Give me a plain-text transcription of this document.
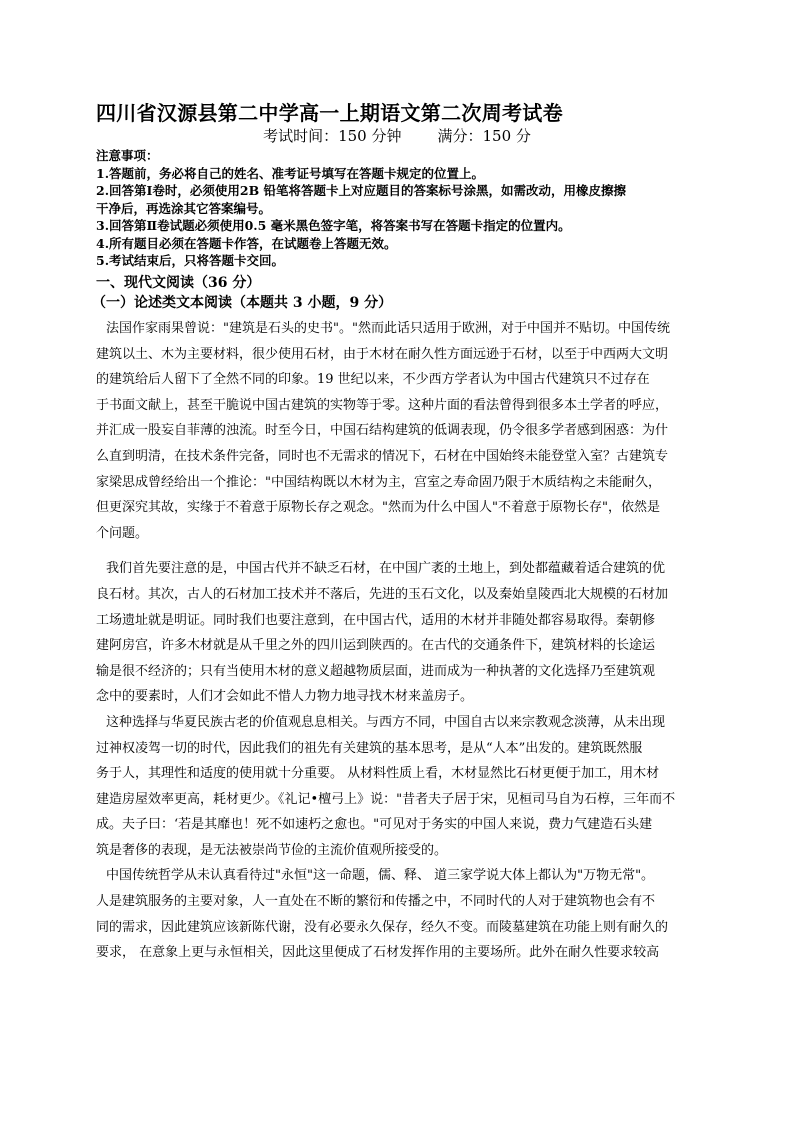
四川省汉源县第二中学高一上期语文第二次周考试卷
考试时间：150 分钟 满分：150 分
注意事项：
1.答题前，务必将自己的姓名、准考证号填写在答题卡规定的位置上。
2.回答第Ⅰ卷时，必须使用2B 铅笔将答题卡上对应题目的答案标号涂黑，如需改动，用橡皮擦擦
干净后，再选涂其它答案编号。
3.回答第Ⅱ卷试题必须使用0.5 毫米黑色签字笔，将答案书写在答题卡指定的位置内。
4.所有题目必须在答题卡作答，在试题卷上答题无效。
5.考试结束后，只将答题卡交回。
一、现代文阅读（36 分）
（一）论述类文本阅读（本题共 3 小题，9 分）
法国作家雨果曾说："建筑是石头的史书"。"然而此话只适用于欧洲，对于中国并不贴切。中国传统
建筑以土、木为主要材料，很少使用石材，由于木材在耐久性方面远逊于石材，以至于中西两大文明
的建筑给后人留下了全然不同的印象。19 世纪以来，不少西方学者认为中国古代建筑只不过存在
于书面文献上，甚至干脆说中国古建筑的实物等于零。这种片面的看法曾得到很多本土学者的呼应，
并汇成一股妄自菲薄的浊流。时至今日，中国石结构建筑的低调表现，仍令很多学者感到困惑：为什
么直到明清，在技术条件完备，同时也不无需求的情况下，石材在中国始终未能登堂入室？古建筑专
家梁思成曾经给出一个推论："中国结构既以木材为主，宫室之寿命固乃限于木质结构之未能耐久，
但更深究其故，实缘于不着意于原物长存之观念。"然而为什么中国人"不着意于原物长存"，依然是
个问题。
我们首先要注意的是，中国古代并不缺乏石材，在中国广袤的土地上，到处都蕴藏着适合建筑的优
良石材。其次，古人的石材加工技术并不落后，先进的玉石文化，以及秦始皇陵西北大规模的石材加
工场遗址就是明证。同时我们也要注意到，在中国古代，适用的木材并非随处都容易取得。秦朝修
建阿房宫，许多木材就是从千里之外的四川运到陕西的。在古代的交通条件下，建筑材料的长途运
输是很不经济的；只有当使用木材的意义超越物质层面，进而成为一种执著的文化选择乃至建筑观
念中的要素时，人们才会如此不惜人力物力地寻找木材来盖房子。
这种选择与华夏民族古老的价值观息息相关。与西方不同，中国自古以来宗教观念淡薄，从未出现
过神权凌驾一切的时代，因此我们的祖先有关建筑的基本思考，是从“人本”出发的。建筑既然服
务于人，其理性和适度的使用就十分重要。 从材料性质上看，木材显然比石材更便于加工，用木材
建造房屋效率更高，耗材更少。《礼记•檀弓上》说："昔者夫子居于宋，见桓司马自为石椁，三年而不
成。夫子曰：‘若是其靡也！死不如速朽之愈也。"可见对于务实的中国人来说，费力气建造石头建
筑是奢侈的表现，是无法被崇尚节俭的主流价值观所接受的。
中国传统哲学从未认真看待过"永恒"这一命题，儒、释、 道三家学说大体上都认为"万物无常"。
人是建筑服务的主要对象，人一直处在不断的繁衍和传播之中，不同时代的人对于建筑物也会有不
同的需求，因此建筑应该新陈代谢，没有必要永久保存，经久不变。而陵墓建筑在功能上则有耐久的
要求， 在意象上更与永恒相关，因此这里便成了石材发挥作用的主要场所。此外在耐久性要求较高
